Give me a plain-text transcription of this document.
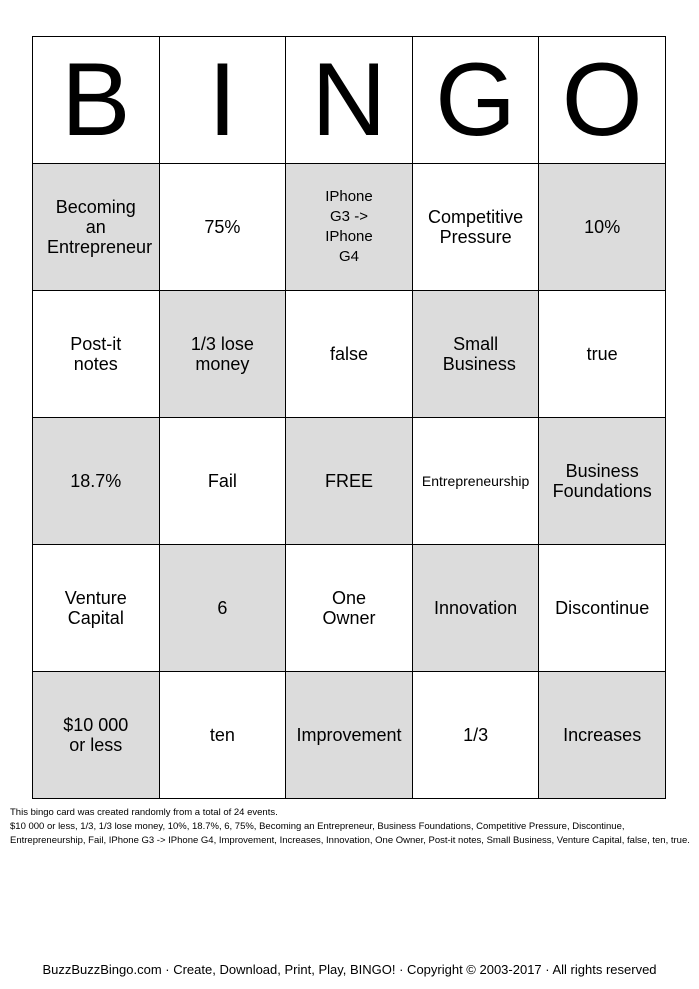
B	I	N	G	O
Becoming an Entrepreneur	75%	IPhone G3 -> IPhone G4	Competitive Pressure	10%
Post-it notes	1/3 lose money	false	Small Business	true
18.7%	Fail	FREE	Entrepreneurship	Business Foundations
Venture Capital	6	One Owner	Innovation	Discontinue
$10 000 or less	ten	Improvement	1/3	Increases
This bingo card was created randomly from a total of 24 events.
$10 000 or less, 1/3, 1/3 lose money, 10%, 18.7%, 6, 75%, Becoming an Entrepreneur, Business Foundations, Competitive Pressure, Discontinue, Entrepreneurship, Fail, IPhone G3 -> IPhone G4, Improvement, Increases, Innovation, One Owner, Post-it notes, Small Business, Venture Capital, false, ten, true.
BuzzBuzzBingo.com · Create, Download, Print, Play, BINGO! · Copyright © 2003-2017 · All rights reserved
